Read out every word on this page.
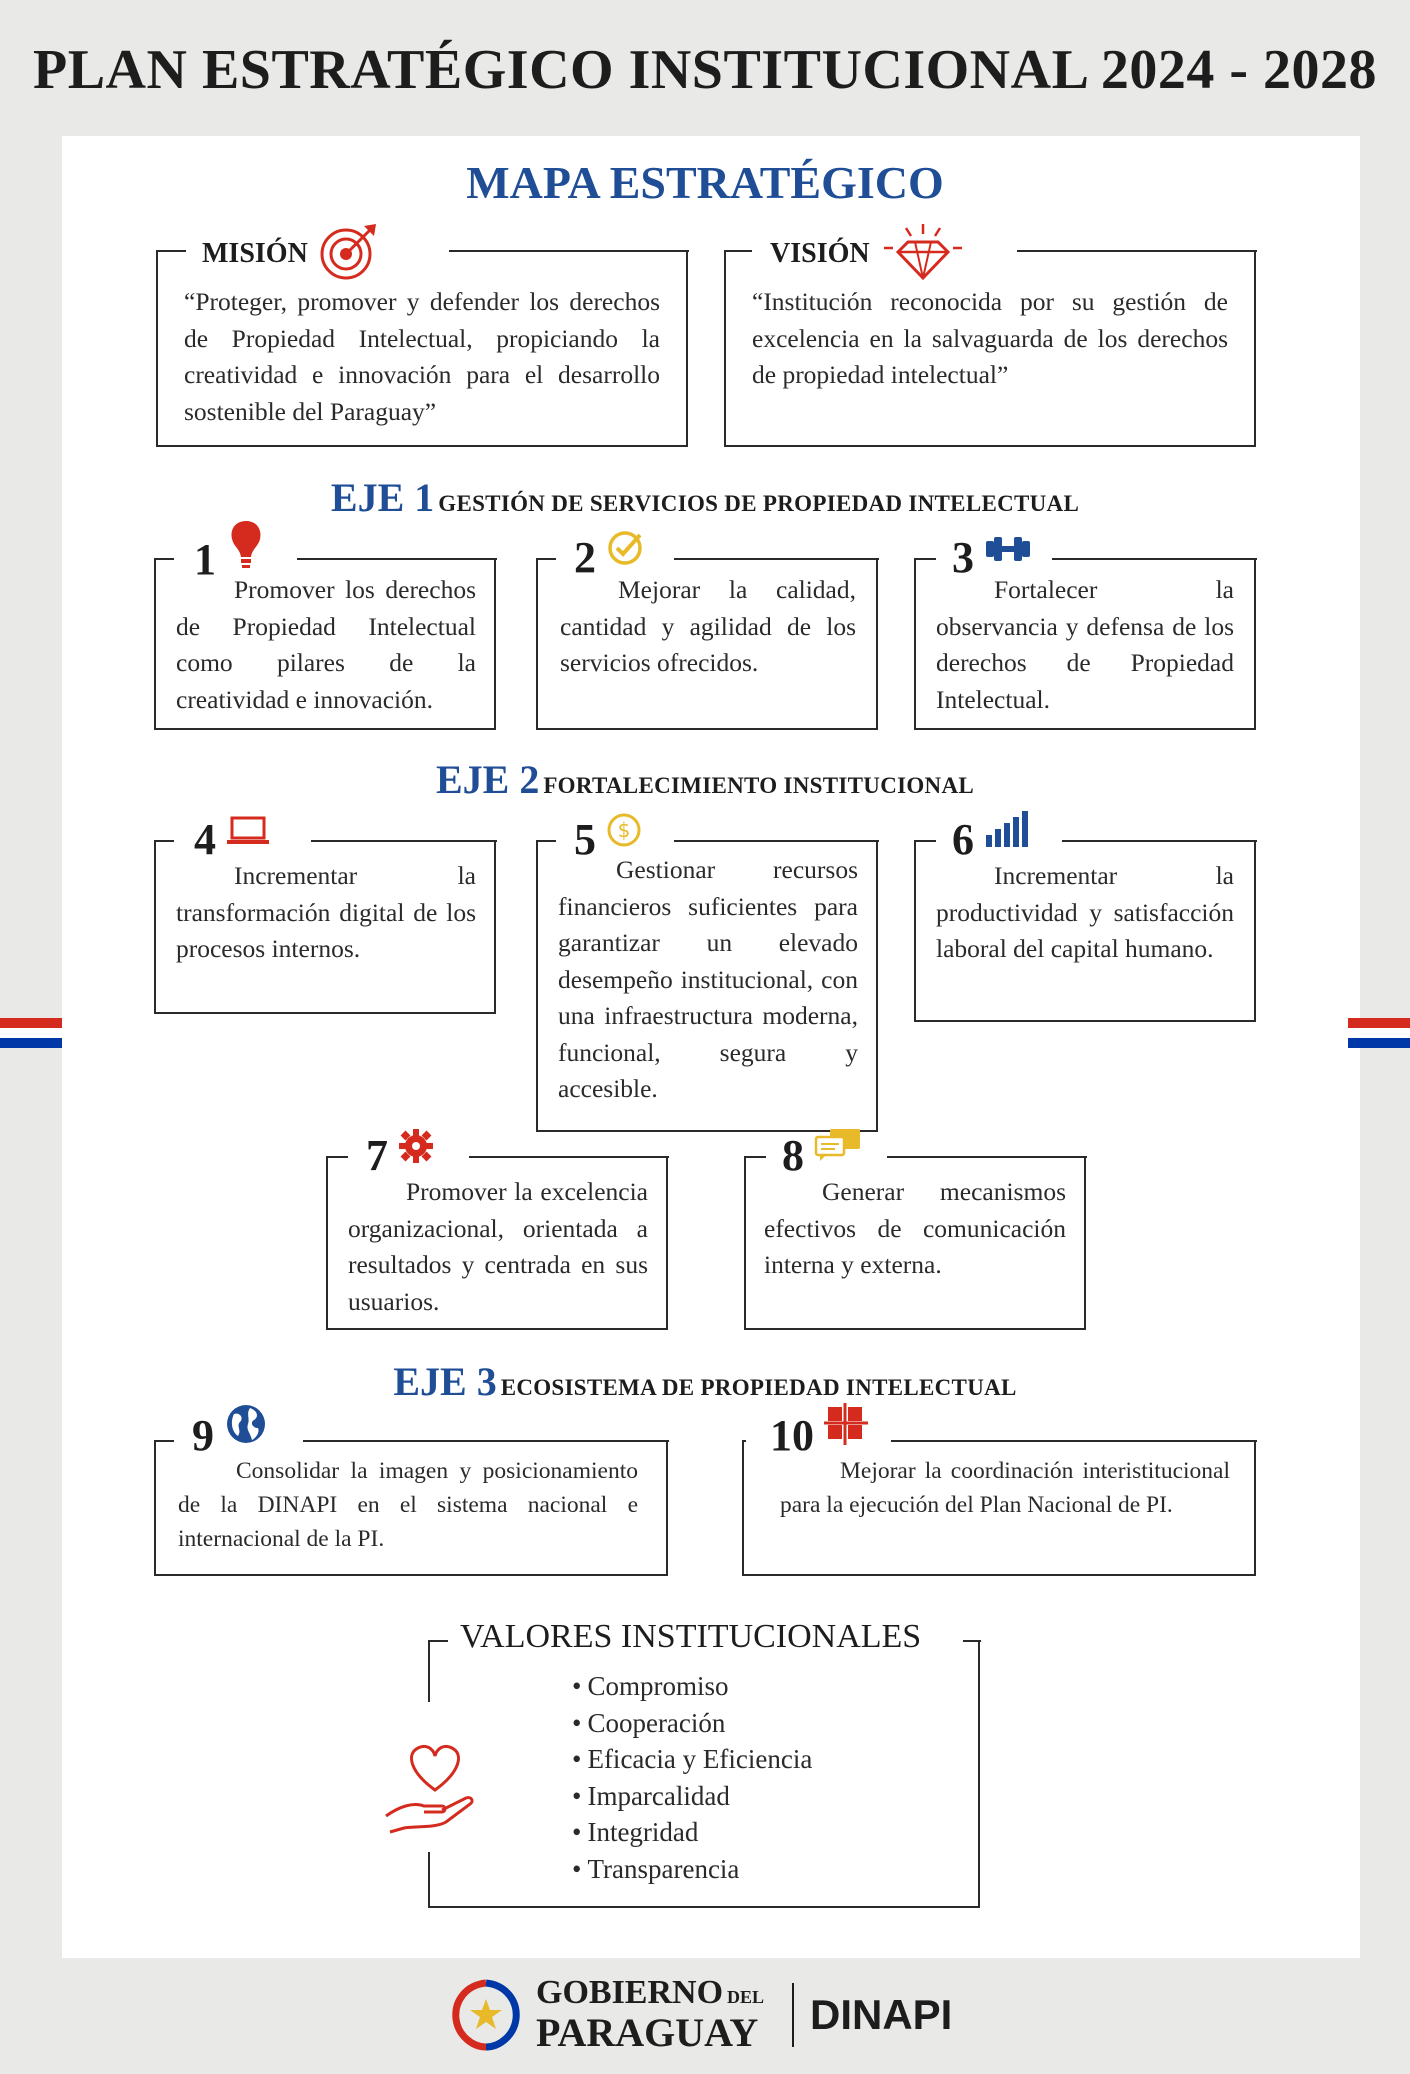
PLAN ESTRATÉGICO INSTITUCIONAL 2024 - 2028
MAPA ESTRATÉGICO
MISIÓN
“Proteger, promover y defender los derechos de Propiedad Intelectual, propiciando la creatividad e innovación para el desarrollo sostenible del Paraguay”
VISIÓN
“Institución reconocida por su gestión de excelencia en la salvaguarda de los derechos de propiedad intelectual”
EJE 1 GESTIÓN DE SERVICIOS DE PROPIEDAD INTELECTUAL
1
Promover los derechos de Propiedad Intelectual como pilares de la creatividad e innovación.
2
Mejorar la calidad, cantidad y agilidad de los servicios ofrecidos.
3
Fortalecer la observancia y defensa de los derechos de Propiedad Intelectual.
EJE 2 FORTALECIMIENTO INSTITUCIONAL
4
Incrementar la transformación digital de los procesos internos.
5 $
Gestionar recursos financieros suficientes para garantizar un elevado desempeño institucional, con una infraestructura moderna, funcional, segura y accesible.
6
Incrementar la productividad y satisfacción laboral del capital humano.
7
Promover la excelencia organizacional, orientada a resultados y centrada en sus usuarios.
8
Generar mecanismos efectivos de comunicación interna y externa.
EJE 3 ECOSISTEMA DE PROPIEDAD INTELECTUAL
9
Consolidar la imagen y posicionamiento de la DINAPI en el sistema nacional e internacional de la PI.
10
Mejorar la coordinación interistitucional para la ejecución del Plan Nacional de PI.
VALORES INSTITUCIONALES
• Compromiso
• Cooperación
• Eficacia y Eficiencia
• Imparcalidad
• Integridad
• Transparencia
GOBIERNO DEL
PARAGUAY DINAPI
